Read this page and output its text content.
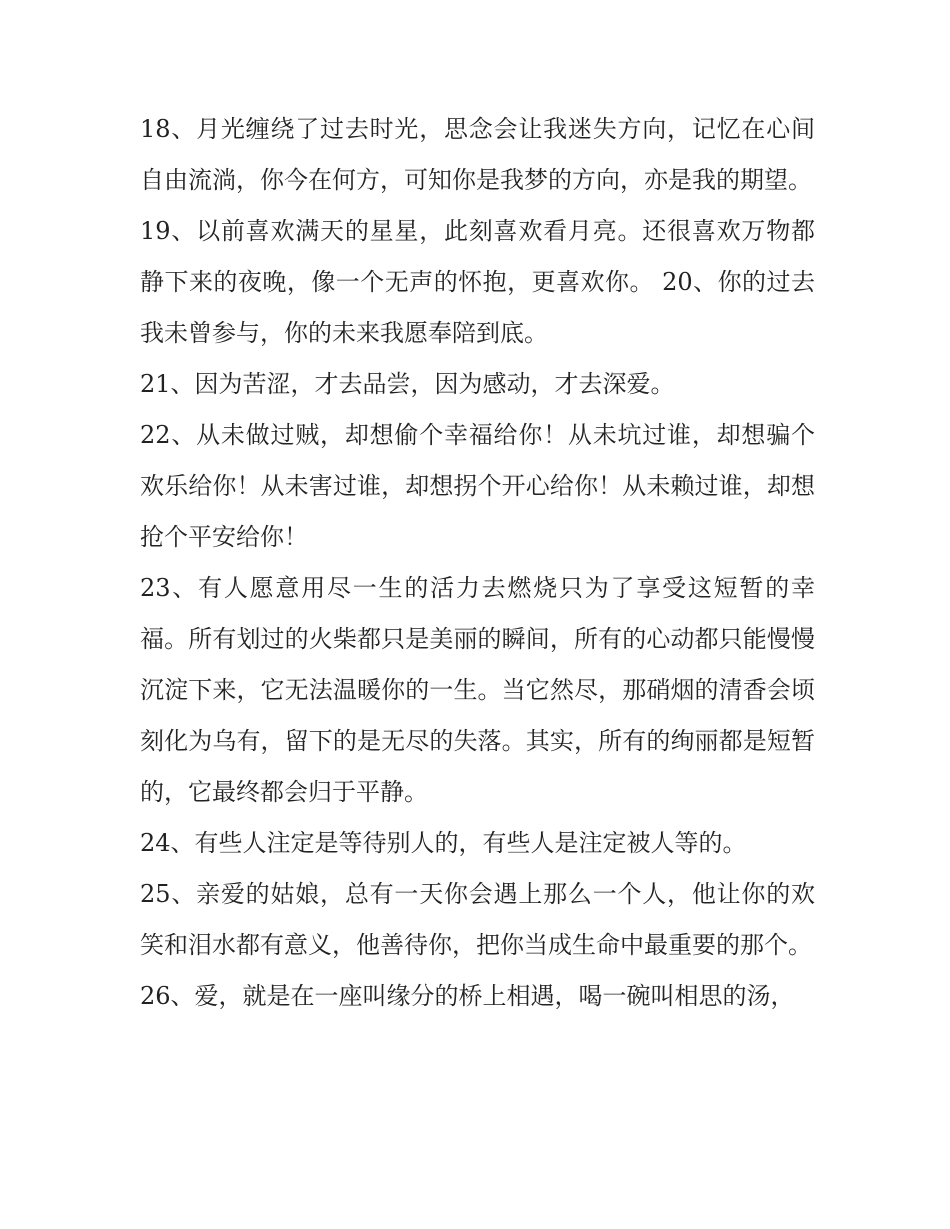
18、月光缠绕了过去时光，思念会让我迷失方向，记忆在心间自由流淌，你今在何方，可知你是我梦的方向，亦是我的期望。

19、以前喜欢满天的星星，此刻喜欢看月亮。还很喜欢万物都静下来的夜晚，像一个无声的怀抱，更喜欢你。 20、你的过去我未曾参与，你的未来我愿奉陪到底。

21、因为苦涩，才去品尝，因为感动，才去深爱。

22、从未做过贼，却想偷个幸福给你！从未坑过谁，却想骗个欢乐给你！从未害过谁，却想拐个开心给你！从未赖过谁，却想抢个平安给你！

23、有人愿意用尽一生的活力去燃烧只为了享受这短暂的幸福。所有划过的火柴都只是美丽的瞬间，所有的心动都只能慢慢沉淀下来，它无法温暖你的一生。当它然尽，那硝烟的清香会顷刻化为乌有，留下的是无尽的失落。其实，所有的绚丽都是短暂的，它最终都会归于平静。

24、有些人注定是等待别人的，有些人是注定被人等的。

25、亲爱的姑娘，总有一天你会遇上那么一个人，他让你的欢笑和泪水都有意义，他善待你，把你当成生命中最重要的那个。

26、爱，就是在一座叫缘分的桥上相遇，喝一碗叫相思的汤，
